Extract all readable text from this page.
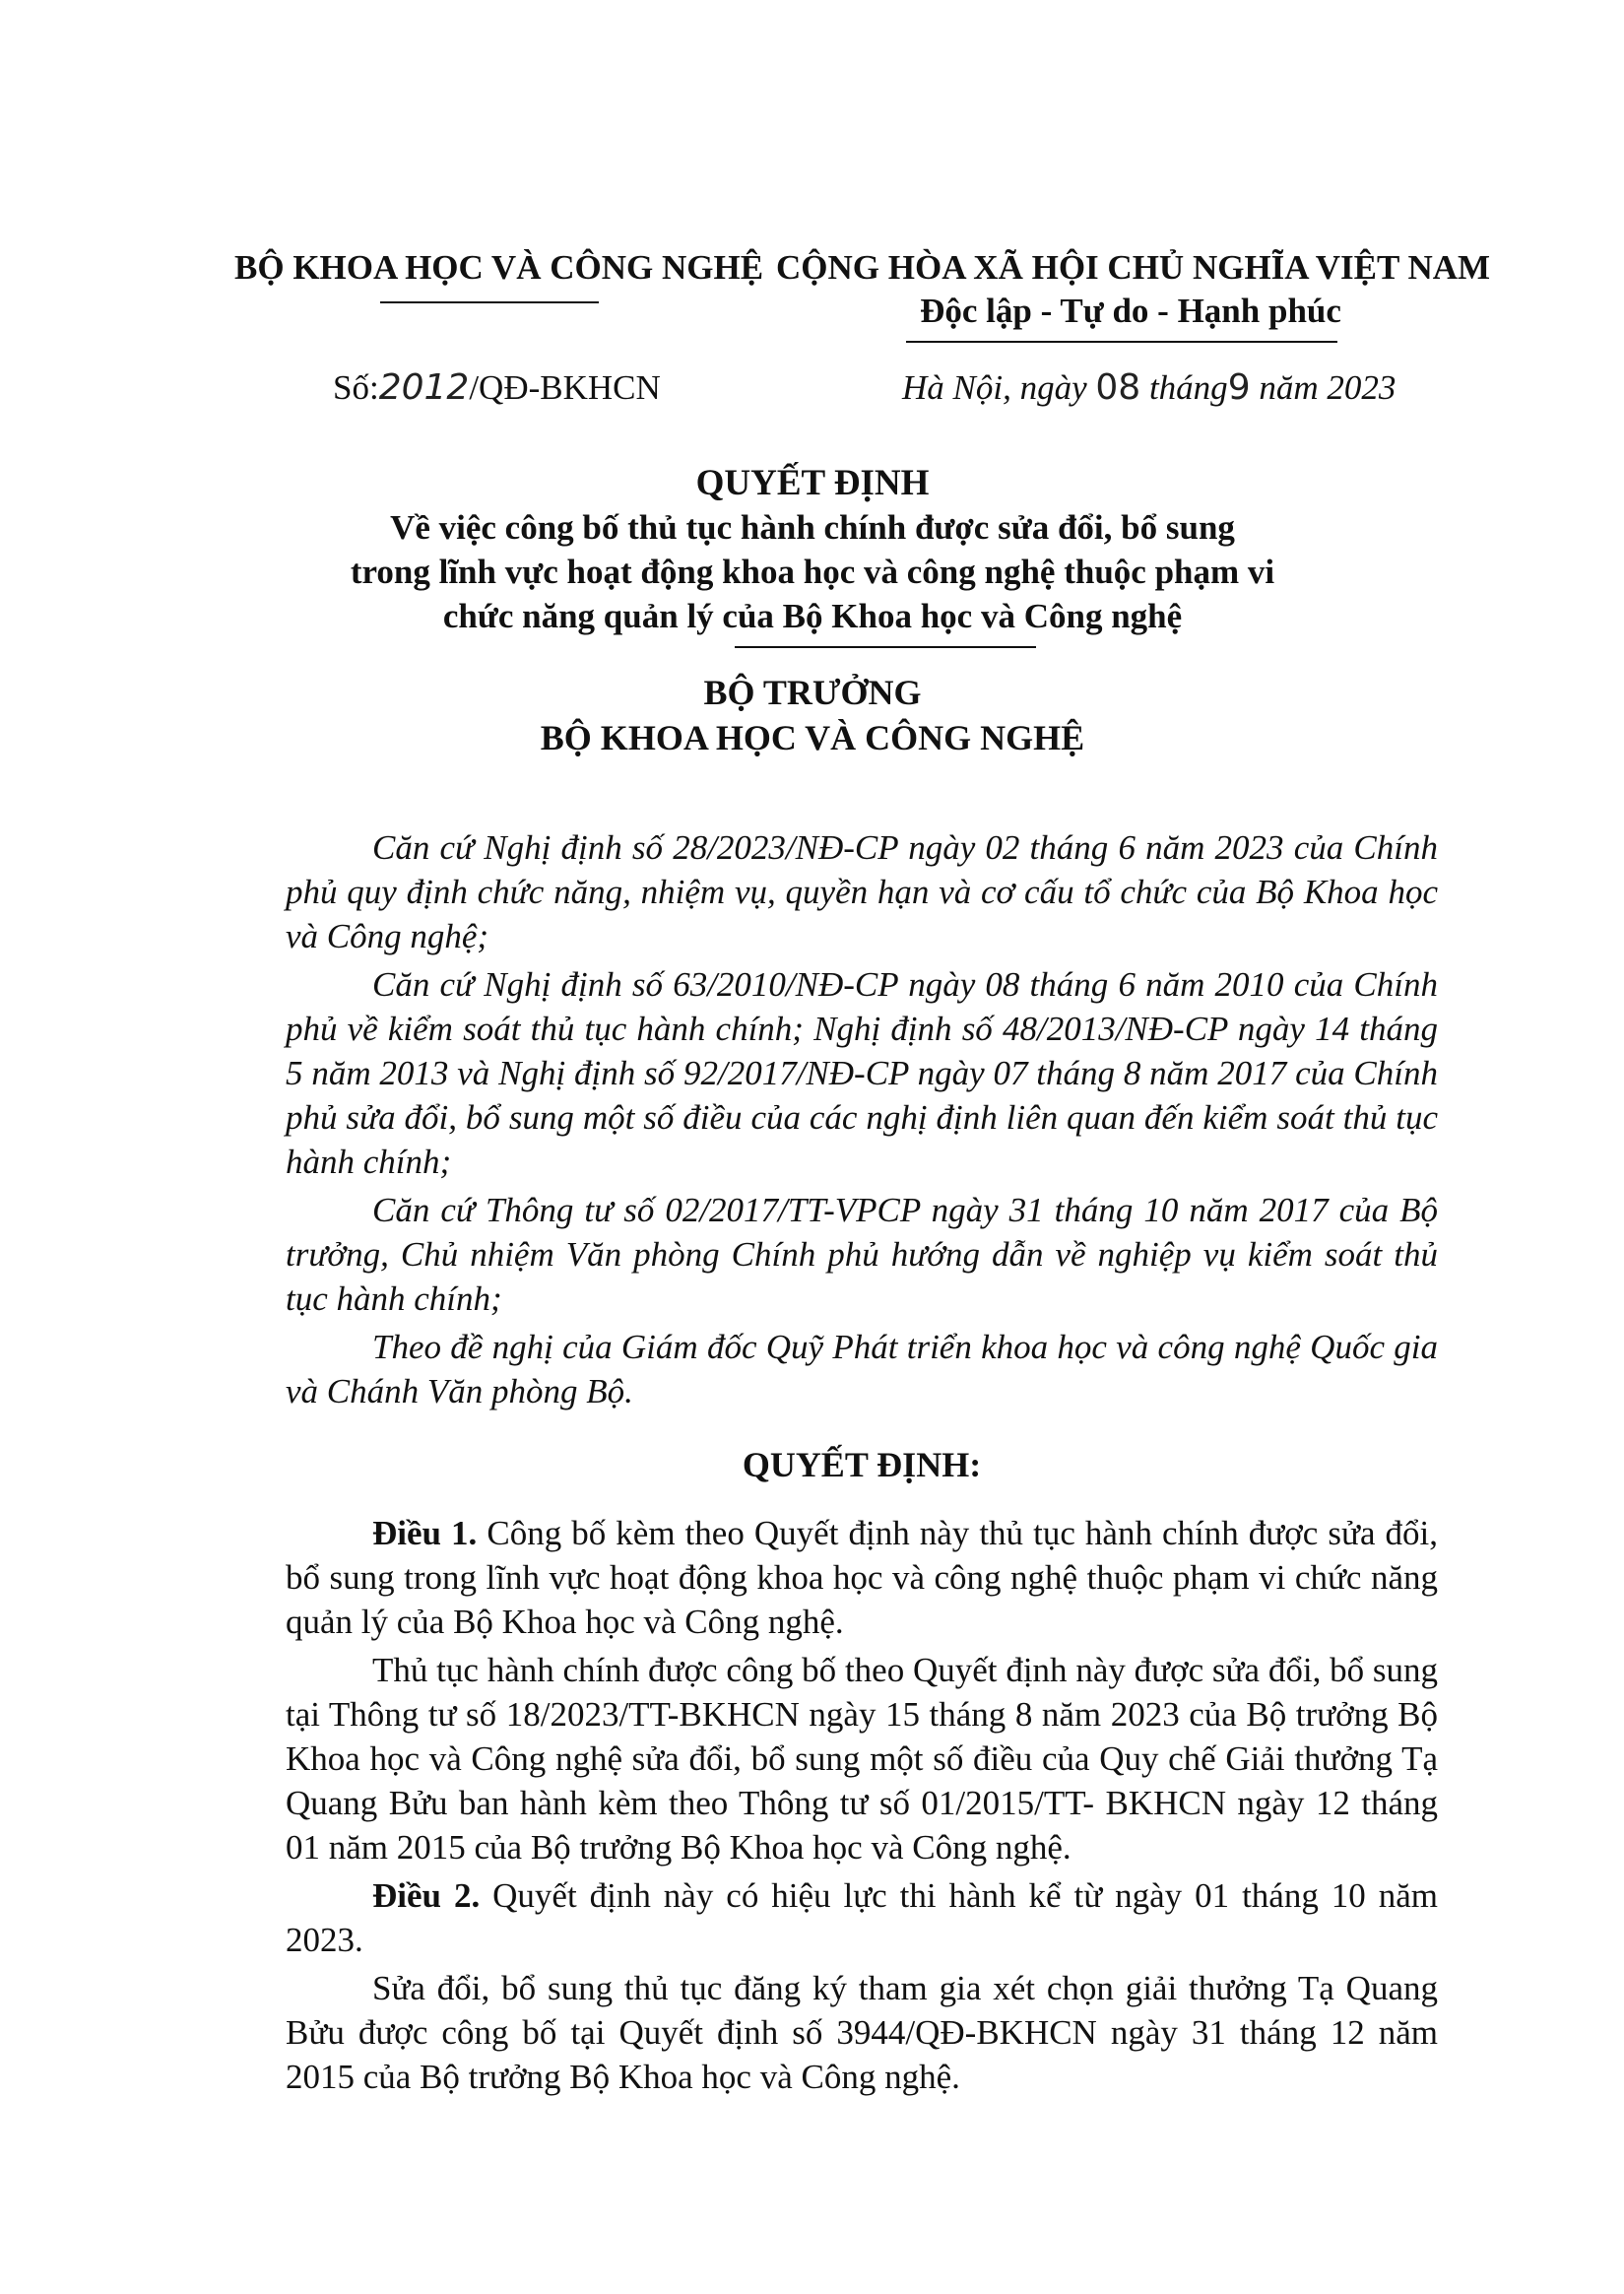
BỘ KHOA HỌC VÀ CÔNG NGHỆ CỘNG HÒA XÃ HỘI CHỦ NGHĨA VIỆT NAM
Độc lập - Tự do - Hạnh phúc
Số:2012/QĐ-BKHCN	Hà Nội, ngày 08 tháng9 năm 2023
QUYẾT ĐỊNH
Về việc công bố thủ tục hành chính được sửa đổi, bổ sung
trong lĩnh vực hoạt động khoa học và công nghệ thuộc phạm vi
chức năng quản lý của Bộ Khoa học và Công nghệ
BỘ TRƯỞNG
BỘ KHOA HỌC VÀ CÔNG NGHỆ

Căn cứ Nghị định số 28/2023/NĐ-CP ngày 02 tháng 6 năm 2023 của Chính phủ quy định chức năng, nhiệm vụ, quyền hạn và cơ cấu tổ chức của Bộ Khoa học và Công nghệ;

Căn cứ Nghị định số 63/2010/NĐ-CP ngày 08 tháng 6 năm 2010 của Chính phủ về kiểm soát thủ tục hành chính; Nghị định số 48/2013/NĐ-CP ngày 14 tháng 5 năm 2013 và Nghị định số 92/2017/NĐ-CP ngày 07 tháng 8 năm 2017 của Chính phủ sửa đổi, bổ sung một số điều của các nghị định liên quan đến kiểm soát thủ tục hành chính;

Căn cứ Thông tư số 02/2017/TT-VPCP ngày 31 tháng 10 năm 2017 của Bộ trưởng, Chủ nhiệm Văn phòng Chính phủ hướng dẫn về nghiệp vụ kiểm soát thủ tục hành chính;

Theo đề nghị của Giám đốc Quỹ Phát triển khoa học và công nghệ Quốc gia và Chánh Văn phòng Bộ.

QUYẾT ĐỊNH:

Điều 1. Công bố kèm theo Quyết định này thủ tục hành chính được sửa đổi, bổ sung trong lĩnh vực hoạt động khoa học và công nghệ thuộc phạm vi chức năng quản lý của Bộ Khoa học và Công nghệ.

Thủ tục hành chính được công bố theo Quyết định này được sửa đổi, bổ sung tại Thông tư số 18/2023/TT-BKHCN ngày 15 tháng 8 năm 2023 của Bộ trưởng Bộ Khoa học và Công nghệ sửa đổi, bổ sung một số điều của Quy chế Giải thưởng Tạ Quang Bửu ban hành kèm theo Thông tư số 01/2015/TT- BKHCN ngày 12 tháng 01 năm 2015 của Bộ trưởng Bộ Khoa học và Công nghệ.

Điều 2. Quyết định này có hiệu lực thi hành kể từ ngày 01 tháng 10 năm 2023.

Sửa đổi, bổ sung thủ tục đăng ký tham gia xét chọn giải thưởng Tạ Quang Bửu được công bố tại Quyết định số 3944/QĐ-BKHCN ngày 31 tháng 12 năm 2015 của Bộ trưởng Bộ Khoa học và Công nghệ.
